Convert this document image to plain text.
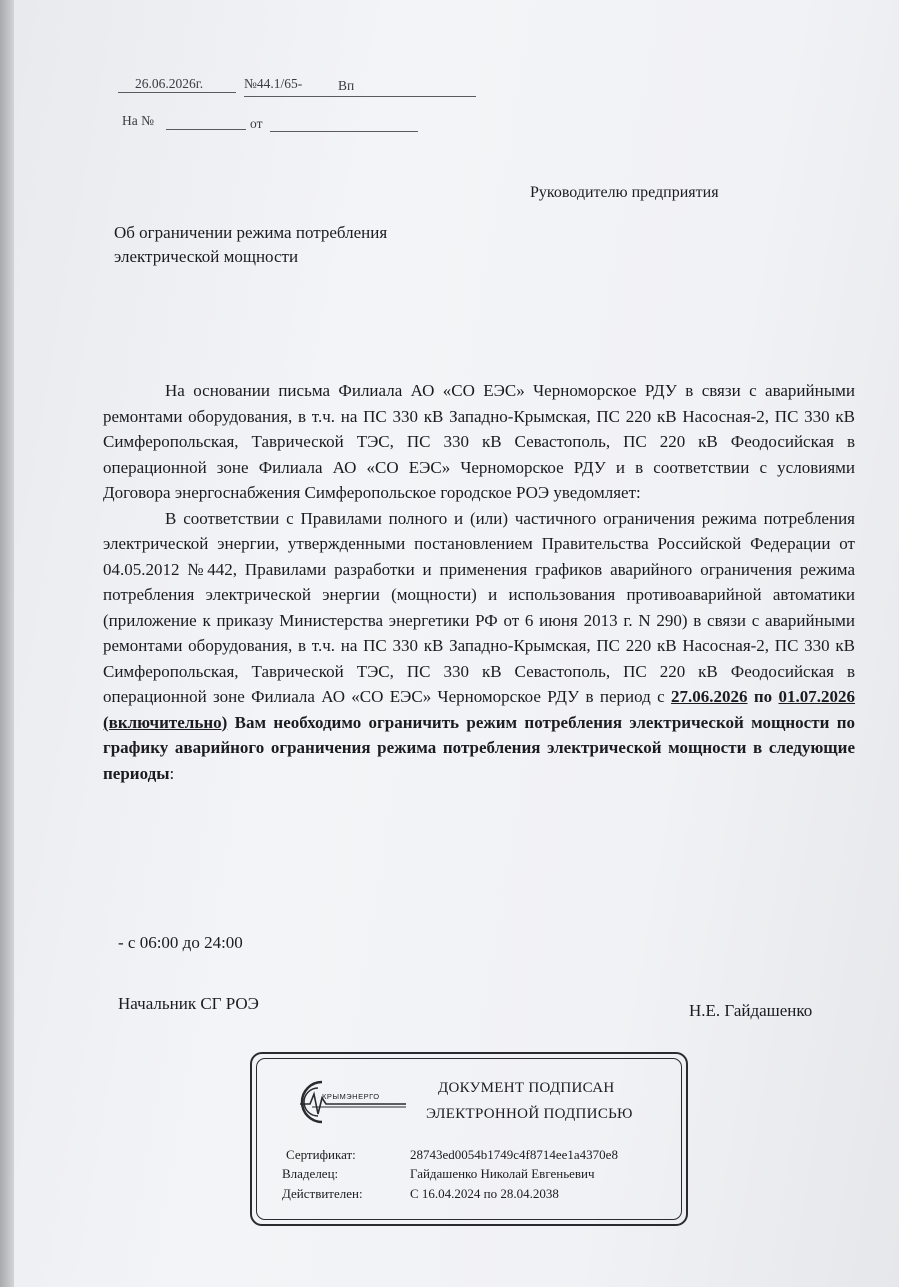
26.06.2026г.	№44.1/65-	Вп
На №	от
Руководителю предприятия
Об ограничении режима потребления электрической мощности

На основании письма Филиала АО «СО ЕЭС» Черноморское РДУ в связи с аварийными ремонтами оборудования, в т.ч. на ПС 330 кВ Западно-Крымская, ПС 220 кВ Насосная-2, ПС 330 кВ Симферопольская, Таврической ТЭС, ПС 330 кВ Севастополь, ПС 220 кВ Феодосийская в операционной зоне Филиала АО «СО ЕЭС» Черноморское РДУ и в соответствии с условиями Договора энергоснабжения Симферопольское городское РОЭ уведомляет:

В соответствии с Правилами полного и (или) частичного ограничения режима потребления электрической энергии, утвержденными постановлением Правительства Российской Федерации от 04.05.2012 №442, Правилами разработки и применения графиков аварийного ограничения режима потребления электрической энергии (мощности) и использования противоаварийной автоматики (приложение к приказу Министерства энергетики РФ от 6 июня 2013 г. N 290) в связи с аварийными ремонтами оборудования, в т.ч. на ПС 330 кВ Западно-Крымская, ПС 220 кВ Насосная-2, ПС 330 кВ Симферопольская, Таврической ТЭС, ПС 330 кВ Севастополь, ПС 220 кВ Феодосийская в операционной зоне Филиала АО «СО ЕЭС» Черноморское РДУ в период с 27.06.2026 по 01.07.2026 (включительно) Вам необходимо ограничить режим потребления электрической мощности по графику аварийного ограничения режима потребления электрической мощности в следующие периоды:

- с 06:00 до 24:00
Начальник СГ РОЭ	Н.Е. Гайдашенко
КРЫМЭНЕРГО
ДОКУМЕНТ ПОДПИСАН
ЭЛЕКТРОННОЙ ПОДПИСЬЮ
Сертификат:	28743ed0054b1749c4f8714ee1a4370e8
Владелец:	Гайдашенко Николай Евгеньевич
Действителен:	С 16.04.2024 по 28.04.2038
